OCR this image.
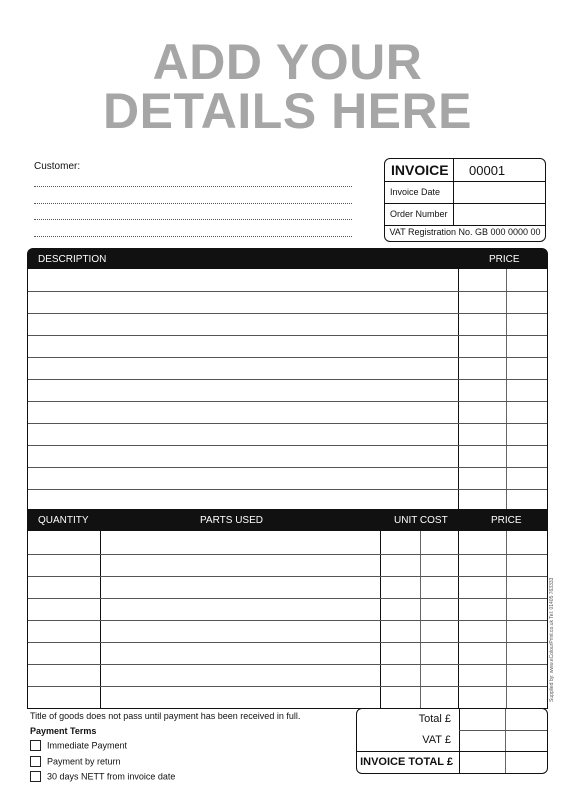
ADD YOUR
DETAILS HERE
Customer:	INVOICE 00001
Invoice Date
Order Number
VAT Registration No. GB 000 0000 00
DESCRIPTION	PRICE
QUANTITY	PARTS USED	UNIT COST	PRICE
Supplied by: www.eColourPrint.co.uk Tel: 01405 763333
Title of goods does not pass until payment has been received in full.
Payment Terms
Immediate Payment
Payment by return
30 days NETT from invoice date
Total £
VAT £
INVOICE TOTAL £
